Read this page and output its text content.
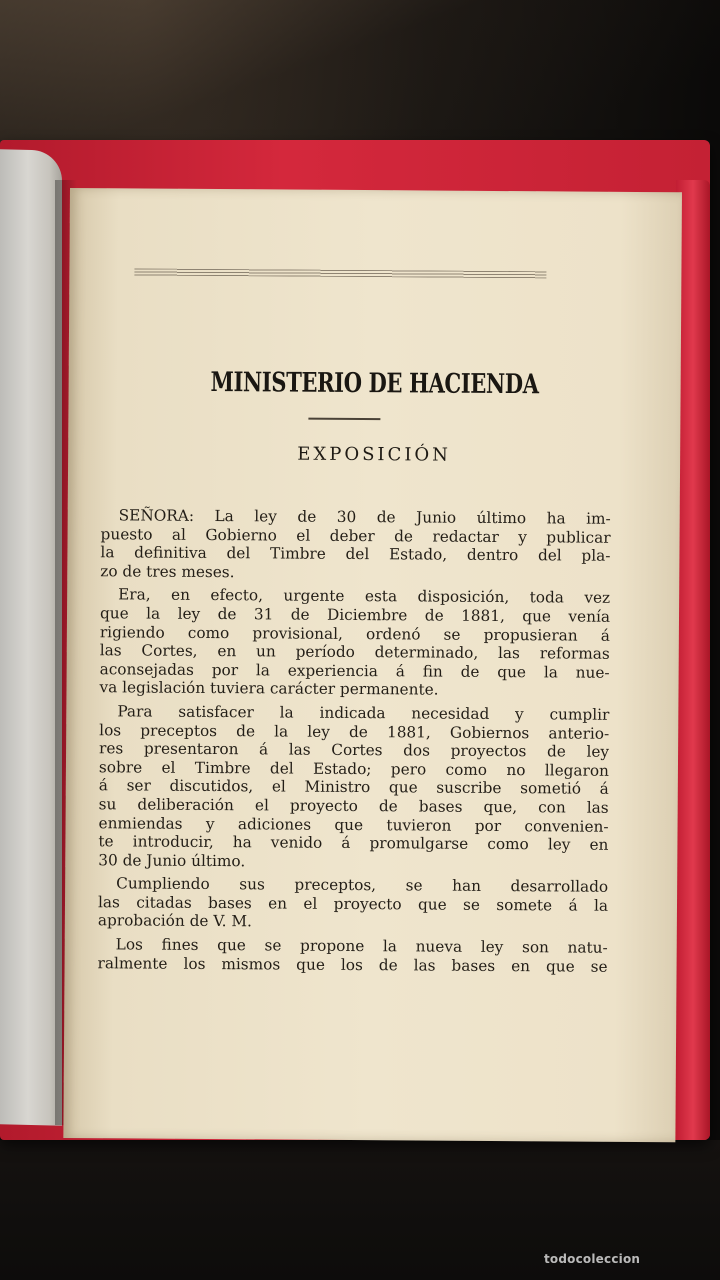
MINISTERIO DE HACIENDA
EXPOSICIÓN
SEÑORA: La ley de 30 de Junio último ha im-
puesto al Gobierno el deber de redactar y publicar
la definitiva del Timbre del Estado, dentro del pla-
zo de tres meses.
Era, en efecto, urgente esta disposición, toda vez
que la ley de 31 de Diciembre de 1881, que venía
rigiendo como provisional, ordenó se propusieran á
las Cortes, en un período determinado, las reformas
aconsejadas por la experiencia á fin de que la nue-
va legislación tuviera carácter permanente.
Para satisfacer la indicada necesidad y cumplir
los preceptos de la ley de 1881, Gobiernos anterio-
res presentaron á las Cortes dos proyectos de ley
sobre el Timbre del Estado; pero como no llegaron
á ser discutidos, el Ministro que suscribe sometió á
su deliberación el proyecto de bases que, con las
enmiendas y adiciones que tuvieron por convenien-
te introducir, ha venido á promulgarse como ley en
30 de Junio último.
Cumpliendo sus preceptos, se han desarrollado
las citadas bases en el proyecto que se somete á la
aprobación de V. M.
Los fines que se propone la nueva ley son natu-
ralmente los mismos que los de las bases en que se
todocoleccion
